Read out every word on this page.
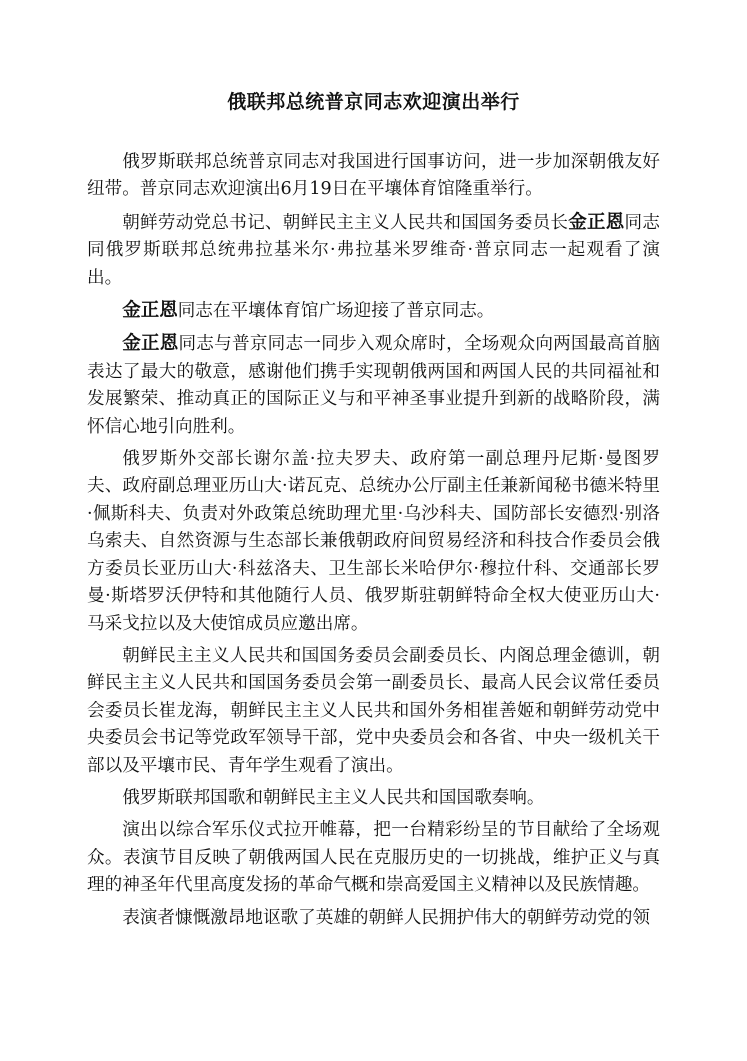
俄联邦总统普京同志欢迎演出举行

俄罗斯联邦总统普京同志对我国进行国事访问，进一步加深朝俄友好纽带。普京同志欢迎演出6月19日在平壤体育馆隆重举行。

朝鲜劳动党总书记、朝鲜民主主义人民共和国国务委员长金正恩同志同俄罗斯联邦总统弗拉基米尔·弗拉基米罗维奇·普京同志一起观看了演出。

金正恩同志在平壤体育馆广场迎接了普京同志。

金正恩同志与普京同志一同步入观众席时，全场观众向两国最高首脑表达了最大的敬意，感谢他们携手实现朝俄两国和两国人民的共同福祉和发展繁荣、推动真正的国际正义与和平神圣事业提升到新的战略阶段，满怀信心地引向胜利。

俄罗斯外交部长谢尔盖·拉夫罗夫、政府第一副总理丹尼斯·曼图罗夫、政府副总理亚历山大·诺瓦克、总统办公厅副主任兼新闻秘书德米特里·佩斯科夫、负责对外政策总统助理尤里·乌沙科夫、国防部长安德烈·别洛乌索夫、自然资源与生态部长兼俄朝政府间贸易经济和科技合作委员会俄方委员长亚历山大·科兹洛夫、卫生部长米哈伊尔·穆拉什科、交通部长罗曼·斯塔罗沃伊特和其他随行人员、俄罗斯驻朝鲜特命全权大使亚历山大·马采戈拉以及大使馆成员应邀出席。

朝鲜民主主义人民共和国国务委员会副委员长、内阁总理金德训，朝鲜民主主义人民共和国国务委员会第一副委员长、最高人民会议常任委员会委员长崔龙海，朝鲜民主主义人民共和国外务相崔善姬和朝鲜劳动党中央委员会书记等党政军领导干部，党中央委员会和各省、中央一级机关干部以及平壤市民、青年学生观看了演出。

俄罗斯联邦国歌和朝鲜民主主义人民共和国国歌奏响。

演出以综合军乐仪式拉开帷幕，把一台精彩纷呈的节目献给了全场观众。表演节目反映了朝俄两国人民在克服历史的一切挑战，维护正义与真理的神圣年代里高度发扬的革命气概和崇高爱国主义精神以及民族情趣。

表演者慷慨激昂地讴歌了英雄的朝鲜人民拥护伟大的朝鲜劳动党的领
